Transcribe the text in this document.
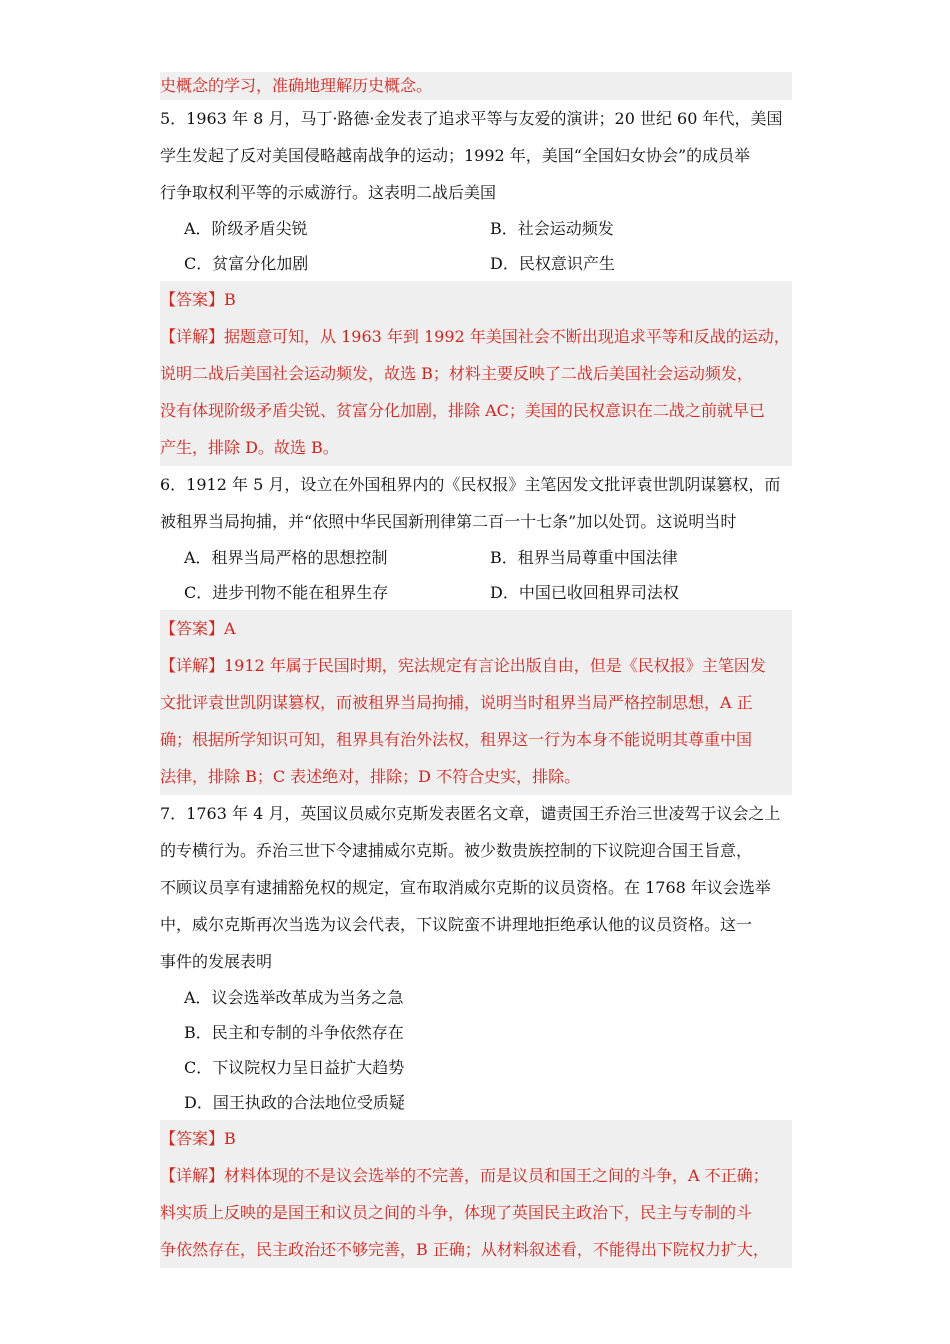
史概念的学习，准确地理解历史概念。
5．1963 年 8 月，马丁·路德·金发表了追求平等与友爱的演讲；20 世纪 60 年代，美国
学生发起了反对美国侵略越南战争的运动；1992 年，美国“全国妇女协会”的成员举
行争取权利平等的示威游行。这表明二战后美国
A．阶级矛盾尖锐	B．社会运动频发
C．贫富分化加剧	D．民权意识产生
【答案】B
【详解】据题意可知，从 1963 年到 1992 年美国社会不断出现追求平等和反战的运动，
说明二战后美国社会运动频发，故选 B；材料主要反映了二战后美国社会运动频发，
没有体现阶级矛盾尖锐、贫富分化加剧，排除 AC；美国的民权意识在二战之前就早已
产生，排除 D。故选 B。
6．1912 年 5 月，设立在外国租界内的《民权报》主笔因发文批评袁世凯阴谋篡权，而
被租界当局拘捕，并“依照中华民国新刑律第二百一十七条”加以处罚。这说明当时
A．租界当局严格的思想控制	B．租界当局尊重中国法律
C．进步刊物不能在租界生存	D．中国已收回租界司法权
【答案】A
【详解】1912 年属于民国时期，宪法规定有言论出版自由，但是《民权报》主笔因发
文批评袁世凯阴谋篡权，而被租界当局拘捕，说明当时租界当局严格控制思想，A 正
确；根据所学知识可知，租界具有治外法权，租界这一行为本身不能说明其尊重中国
法律，排除 B；C 表述绝对，排除；D 不符合史实，排除。
7．1763 年 4 月，英国议员威尔克斯发表匿名文章，谴责国王乔治三世凌驾于议会之上
的专横行为。乔治三世下令逮捕威尔克斯。被少数贵族控制的下议院迎合国王旨意，
不顾议员享有逮捕豁免权的规定，宣布取消威尔克斯的议员资格。在 1768 年议会选举
中，威尔克斯再次当选为议会代表，下议院蛮不讲理地拒绝承认他的议员资格。这一
事件的发展表明
A．议会选举改革成为当务之急
B．民主和专制的斗争依然存在
C．下议院权力呈日益扩大趋势
D．国王执政的合法地位受质疑
【答案】B
【详解】材料体现的不是议会选举的不完善，而是议员和国王之间的斗争，A 不正确；
料实质上反映的是国王和议员之间的斗争，体现了英国民主政治下，民主与专制的斗
争依然存在，民主政治还不够完善，B 正确；从材料叙述看，不能得出下院权力扩大，
